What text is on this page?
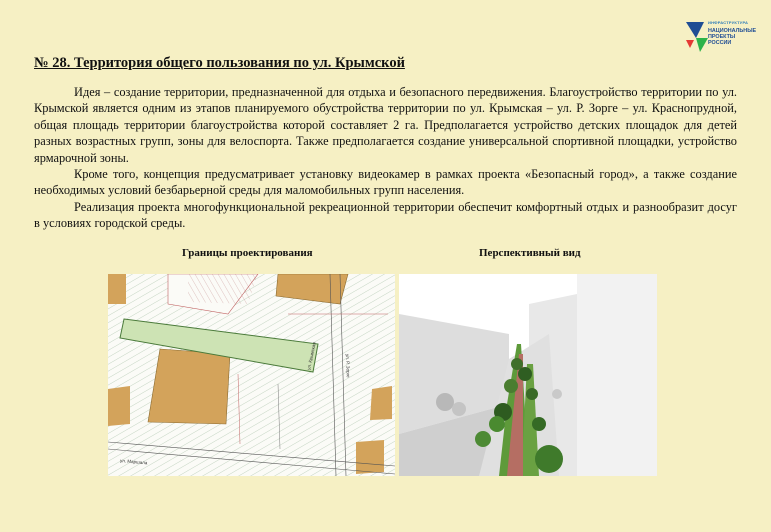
ИНФРАСТРУКТУРА
НАЦИОНАЛЬНЫЕ
ПРОЕКТЫ
РОССИИ
№ 28. Территория общего пользования по ул. Крымской

Идея – создание территории, предназначенной для отдыха и безопасного передвижения. Благоустройство территории по ул. Крымской является одним из этапов планируемого обустройства территории по ул. Крымская – ул. Р. Зорге – ул. Краснопрудной, общая площадь территории благоустройства которой составляет 2 га. Предполагается устройство детских площадок для детей разных возрастных групп, зоны для велоспорта. Также предполагается создание универсальной спортивной площадки, устройство ярмарочной зоны.

Кроме того, концепция предусматривает установку видеокамер в рамках проекта «Безопасный город», а также создание необходимых условий безбарьерной среды для маломобильных групп населения.

Реализация проекта многофункциональной рекреационной территории обеспечит комфортный отдых и разнообразит досуг в условиях городской среды.

Границы проектирования	Перспективный вид
ул. Крымская
ул. Маршала
ул. Р. Зорге
